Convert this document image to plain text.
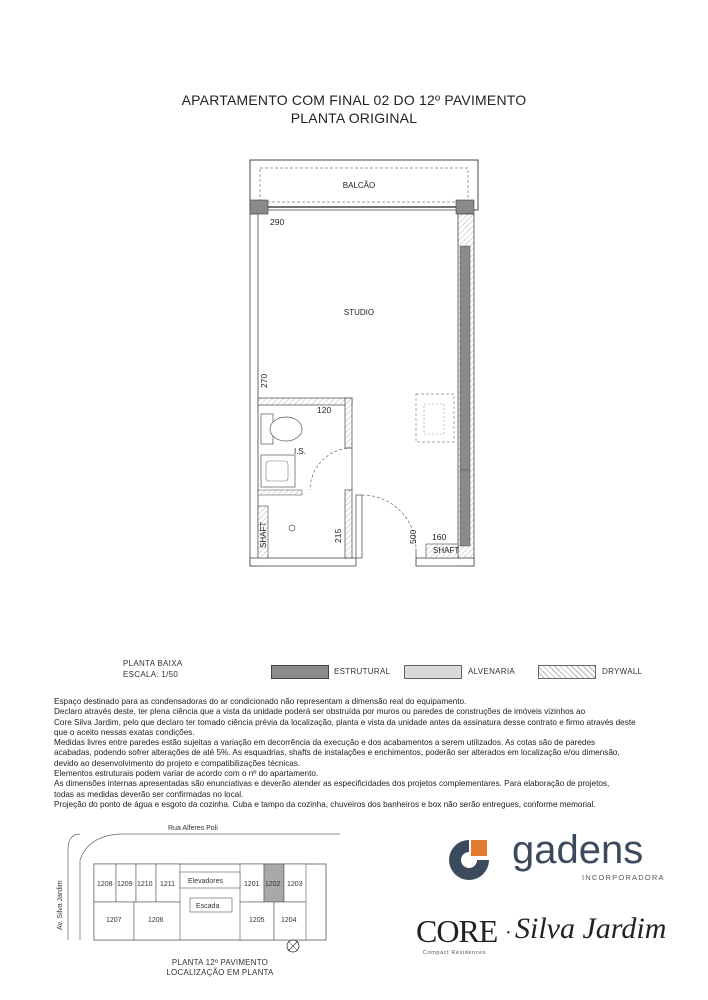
APARTAMENTO COM FINAL 02 DO 12º PAVIMENTO
PLANTA ORIGINAL
BALCÃO
SHAFT
SHAFT
STUDIO
I.S.
290
270
120
215	500 160
PLANTA BAIXA
ESCALA: 1/50	ESTRUTURAL	ALVENARIA	DRYWALL

Espaço destinado para as condensadoras do ar condicionado não representam a dimensão real do equipamento.

Declaro através deste, ter plena ciência que a vista da unidade poderá ser obstruída por muros ou paredes de construções de imóveis vizinhos ao

Core Silva Jardim, pelo que declaro ter tomado ciência prévia da localização, planta e vista da unidade antes da assinatura desse contrato e firmo através deste

que o aceito nessas exatas condições.

Medidas livres entre paredes estão sujeitas a variação em decorrência da execução e dos acabamentos a serem utilizados. As cotas são de paredes

acabadas, podendo sofrer alterações de até 5%. As esquadrias, shafts de instalações e enchimentos, poderão ser alterados em localização e/ou dimensão,

devido ao desenvolvimento do projeto e compatibilizações técnicas.

Elementos estruturais podem variar de acordo com o nº do apartamento.

As dimensões internas apresentadas são enunciativas e deverão atender as especificidades dos projetos complementares. Para elaboração de projetos,

todas as medidas deverão ser confirmadas no local.

Projeção do ponto de água e esgoto da cozinha. Cuba e tampo da cozinha, chuveiros dos banheiros e box não serão entregues, conforme memorial.

Rua Alferes Poli
Av. Silva Jardim	Elevadores
Escada
1208 1209 1210 1211	1201 1202 1203
1207	1206	1205 1204
PLANTA 12º PAVIMENTO
LOCALIZAÇÃO EM PLANTA
gadens
INCORPORADORA
CORE · Silva Jardim
Compact Residences
